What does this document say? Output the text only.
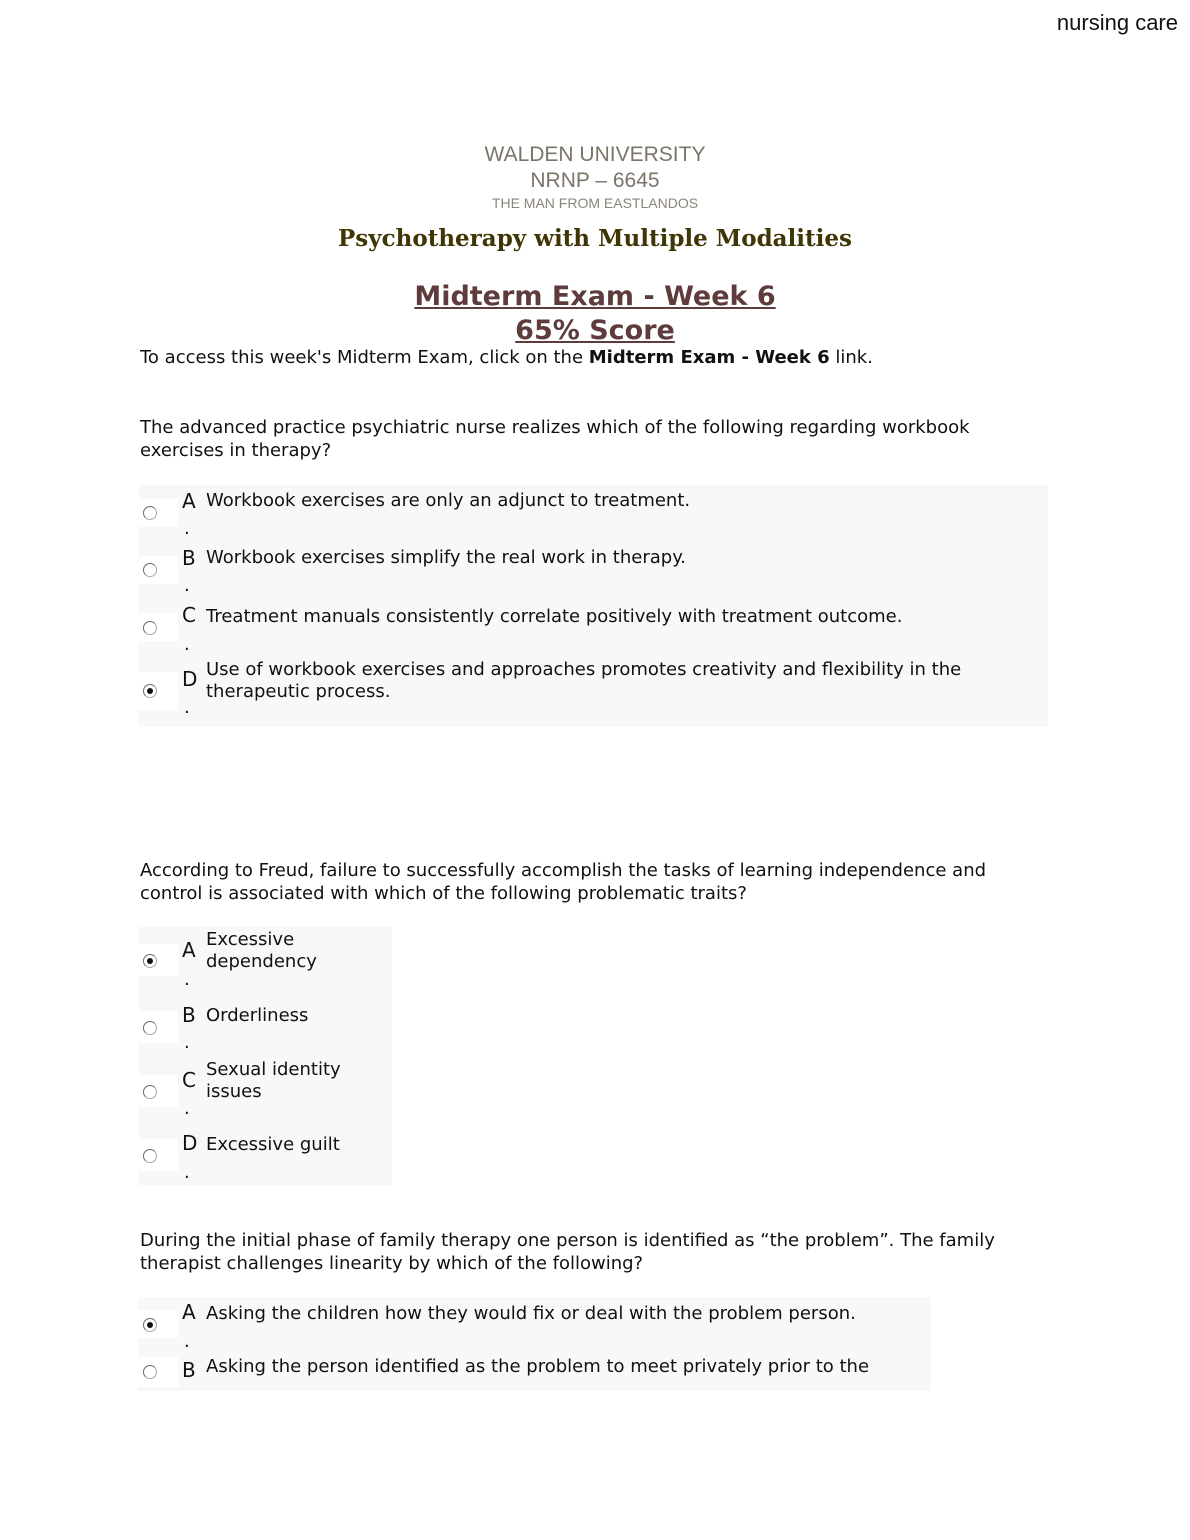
nursing care
WALDEN UNIVERSITY
NRNP – 6645
THE MAN FROM EASTLANDOS
Psychotherapy with Multiple Modalities
Midterm Exam - Week 6
65% Score
To access this week's Midterm Exam, click on the Midterm Exam - Week 6 link.
The advanced practice psychiatric nurse realizes which of the following regarding workbook exercises in therapy?
A
.
Workbook exercises are only an adjunct to treatment.
B
.
Workbook exercises simplify the real work in therapy.
C
.
Treatment manuals consistently correlate positively with treatment outcome.
D
.
Use of workbook exercises and approaches promotes creativity and flexibility in the therapeutic process.
According to Freud, failure to successfully accomplish the tasks of learning independence and control is associated with which of the following problematic traits?
A
.
Excessive dependency
B
.
Orderliness
C
.
Sexual identity issues
D
.
Excessive guilt
During the initial phase of family therapy one person is identified as “the problem”. The family therapist challenges linearity by which of the following?
A
.
Asking the children how they would fix or deal with the problem person.
B Asking the person identified as the problem to meet privately prior to the
